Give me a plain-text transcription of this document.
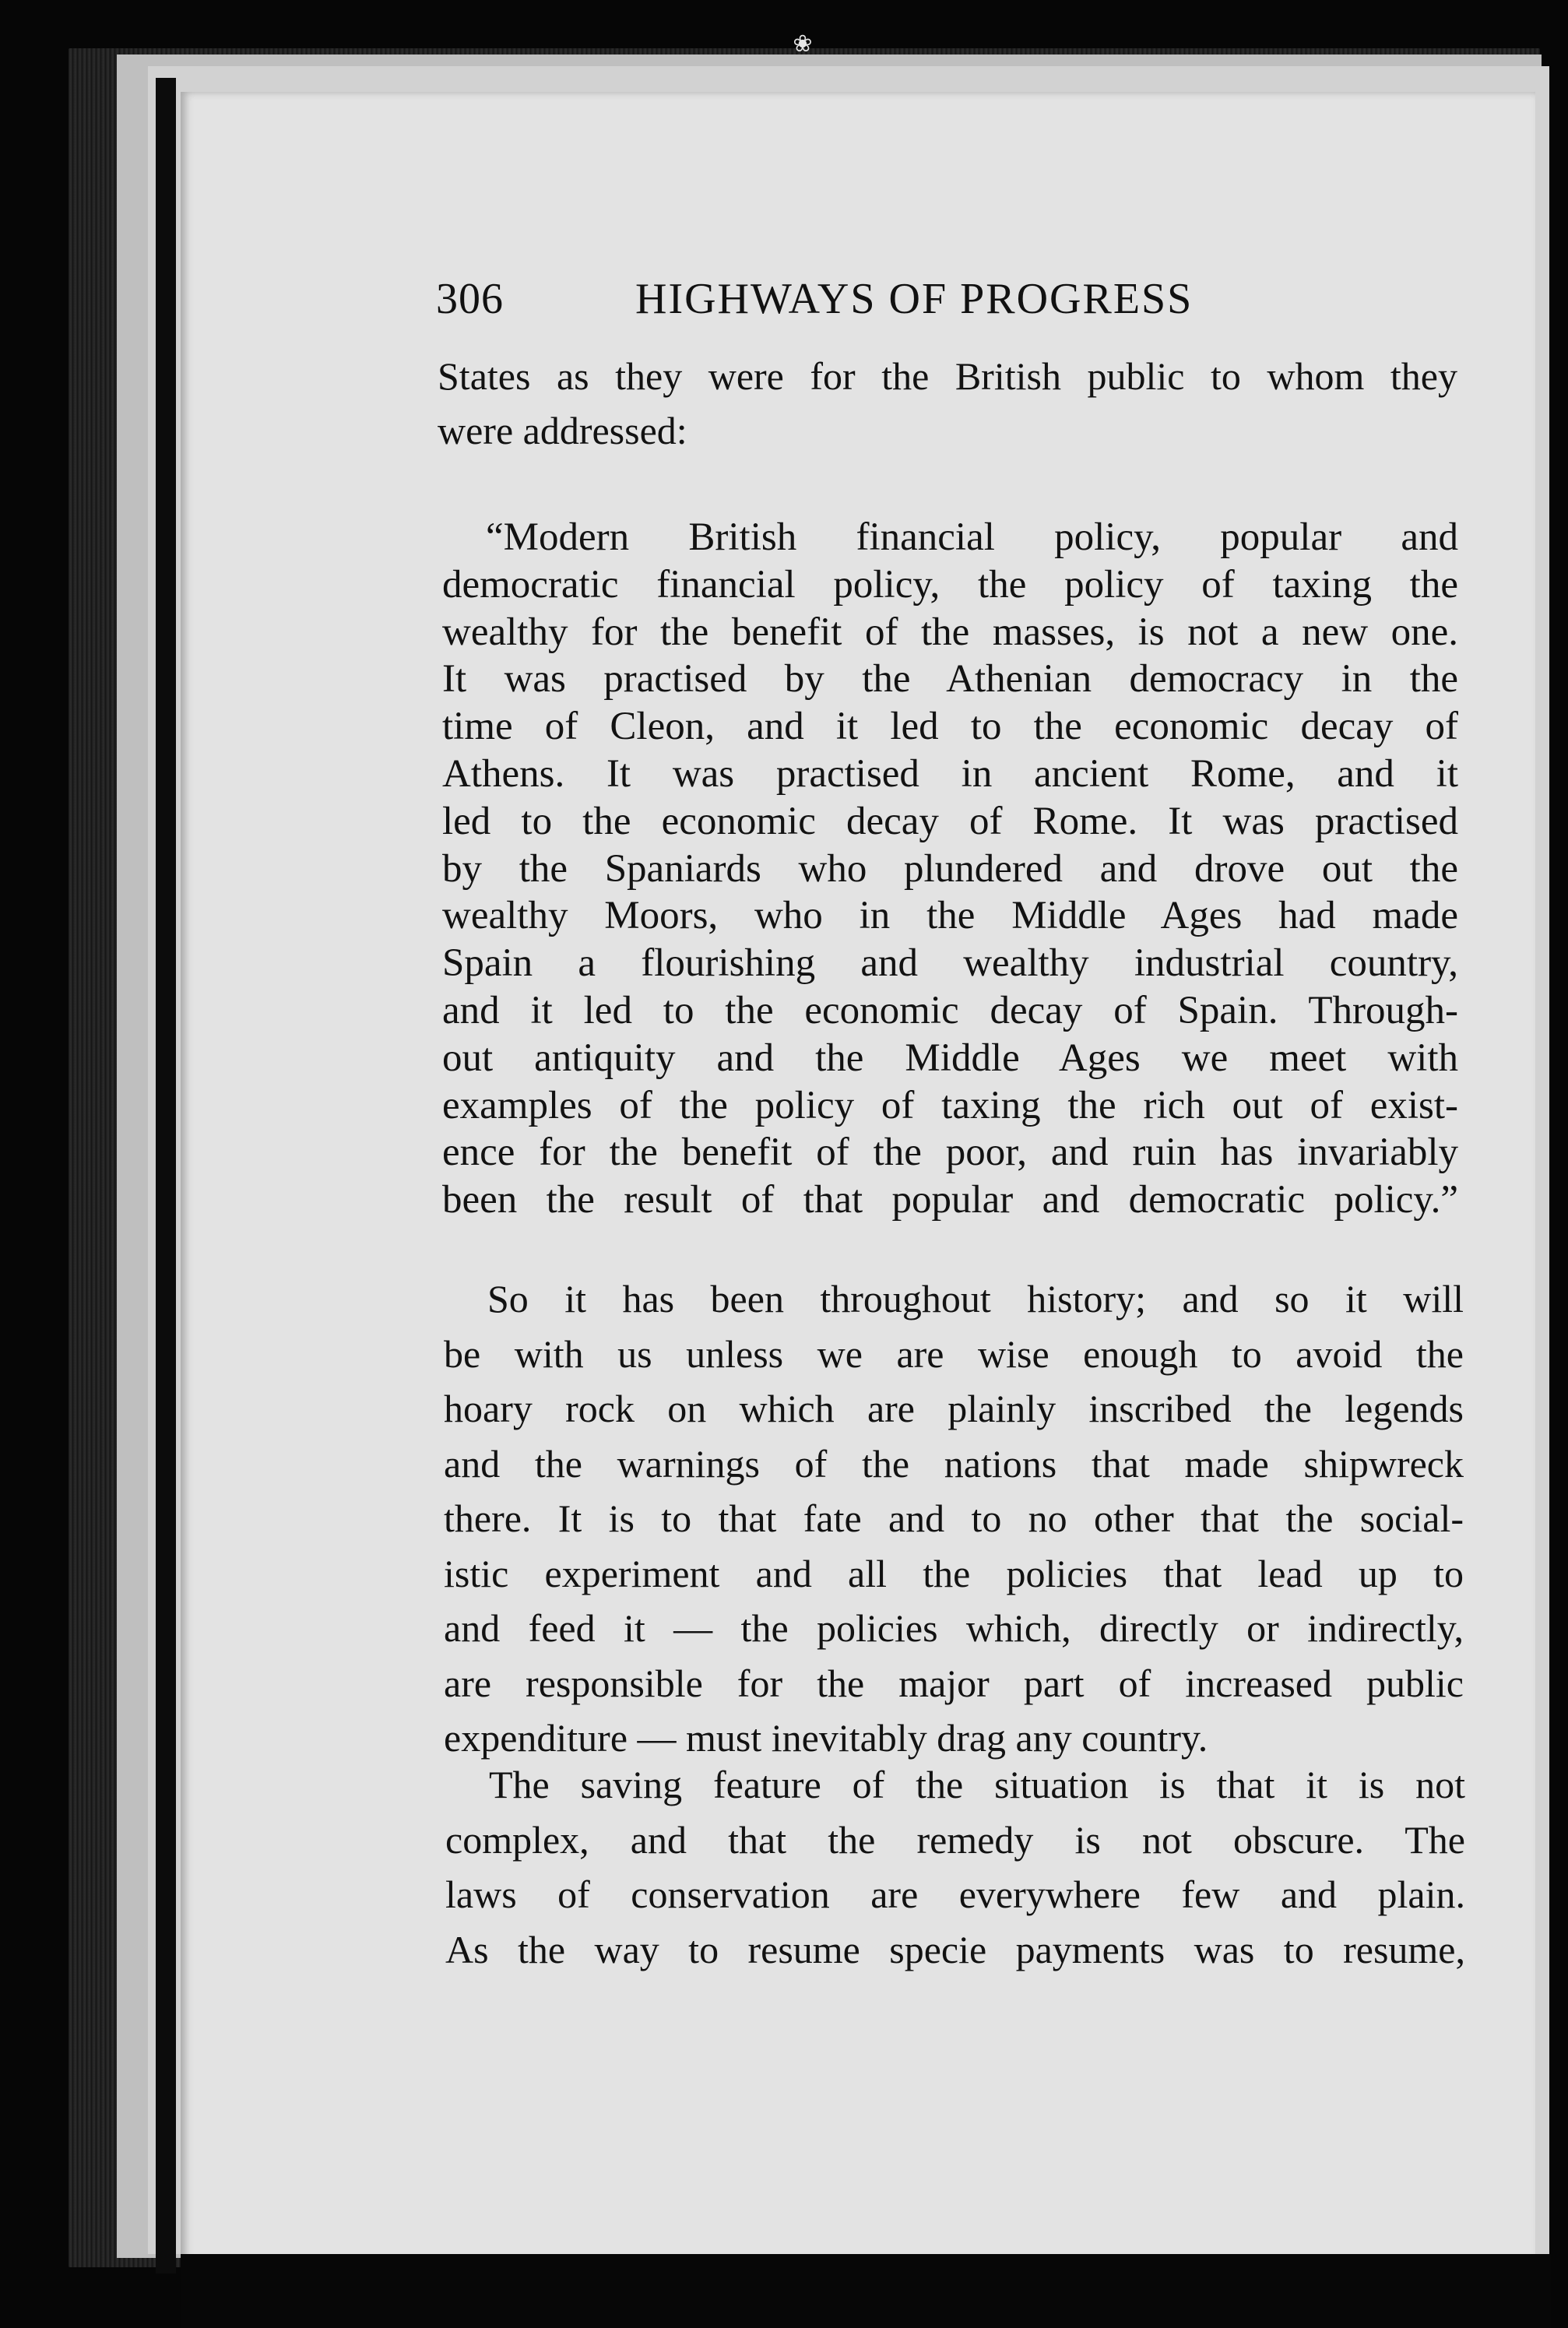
❀
306	HIGHWAYS OF PROGRESS
States as they were for the British public to whom they
were addressed:
“Modern British financial policy, popular and
democratic financial policy, the policy of taxing the
wealthy for the benefit of the masses, is not a new one.
It was practised by the Athenian democracy in the
time of Cleon, and it led to the economic decay of
Athens. It was practised in ancient Rome, and it
led to the economic decay of Rome. It was practised
by the Spaniards who plundered and drove out the
wealthy Moors, who in the Middle Ages had made
Spain a flourishing and wealthy industrial country,
and it led to the economic decay of Spain. Through-
out antiquity and the Middle Ages we meet with
examples of the policy of taxing the rich out of exist-
ence for the benefit of the poor, and ruin has invariably
been the result of that popular and democratic policy.”
So it has been throughout history; and so it will
be with us unless we are wise enough to avoid the
hoary rock on which are plainly inscribed the legends
and the warnings of the nations that made shipwreck
there. It is to that fate and to no other that the social-
istic experiment and all the policies that lead up to
and feed it — the policies which, directly or indirectly,
are responsible for the major part of increased public
expenditure — must inevitably drag any country.
The saving feature of the situation is that it is not
complex, and that the remedy is not obscure. The
laws of conservation are everywhere few and plain.
As the way to resume specie payments was to resume,
